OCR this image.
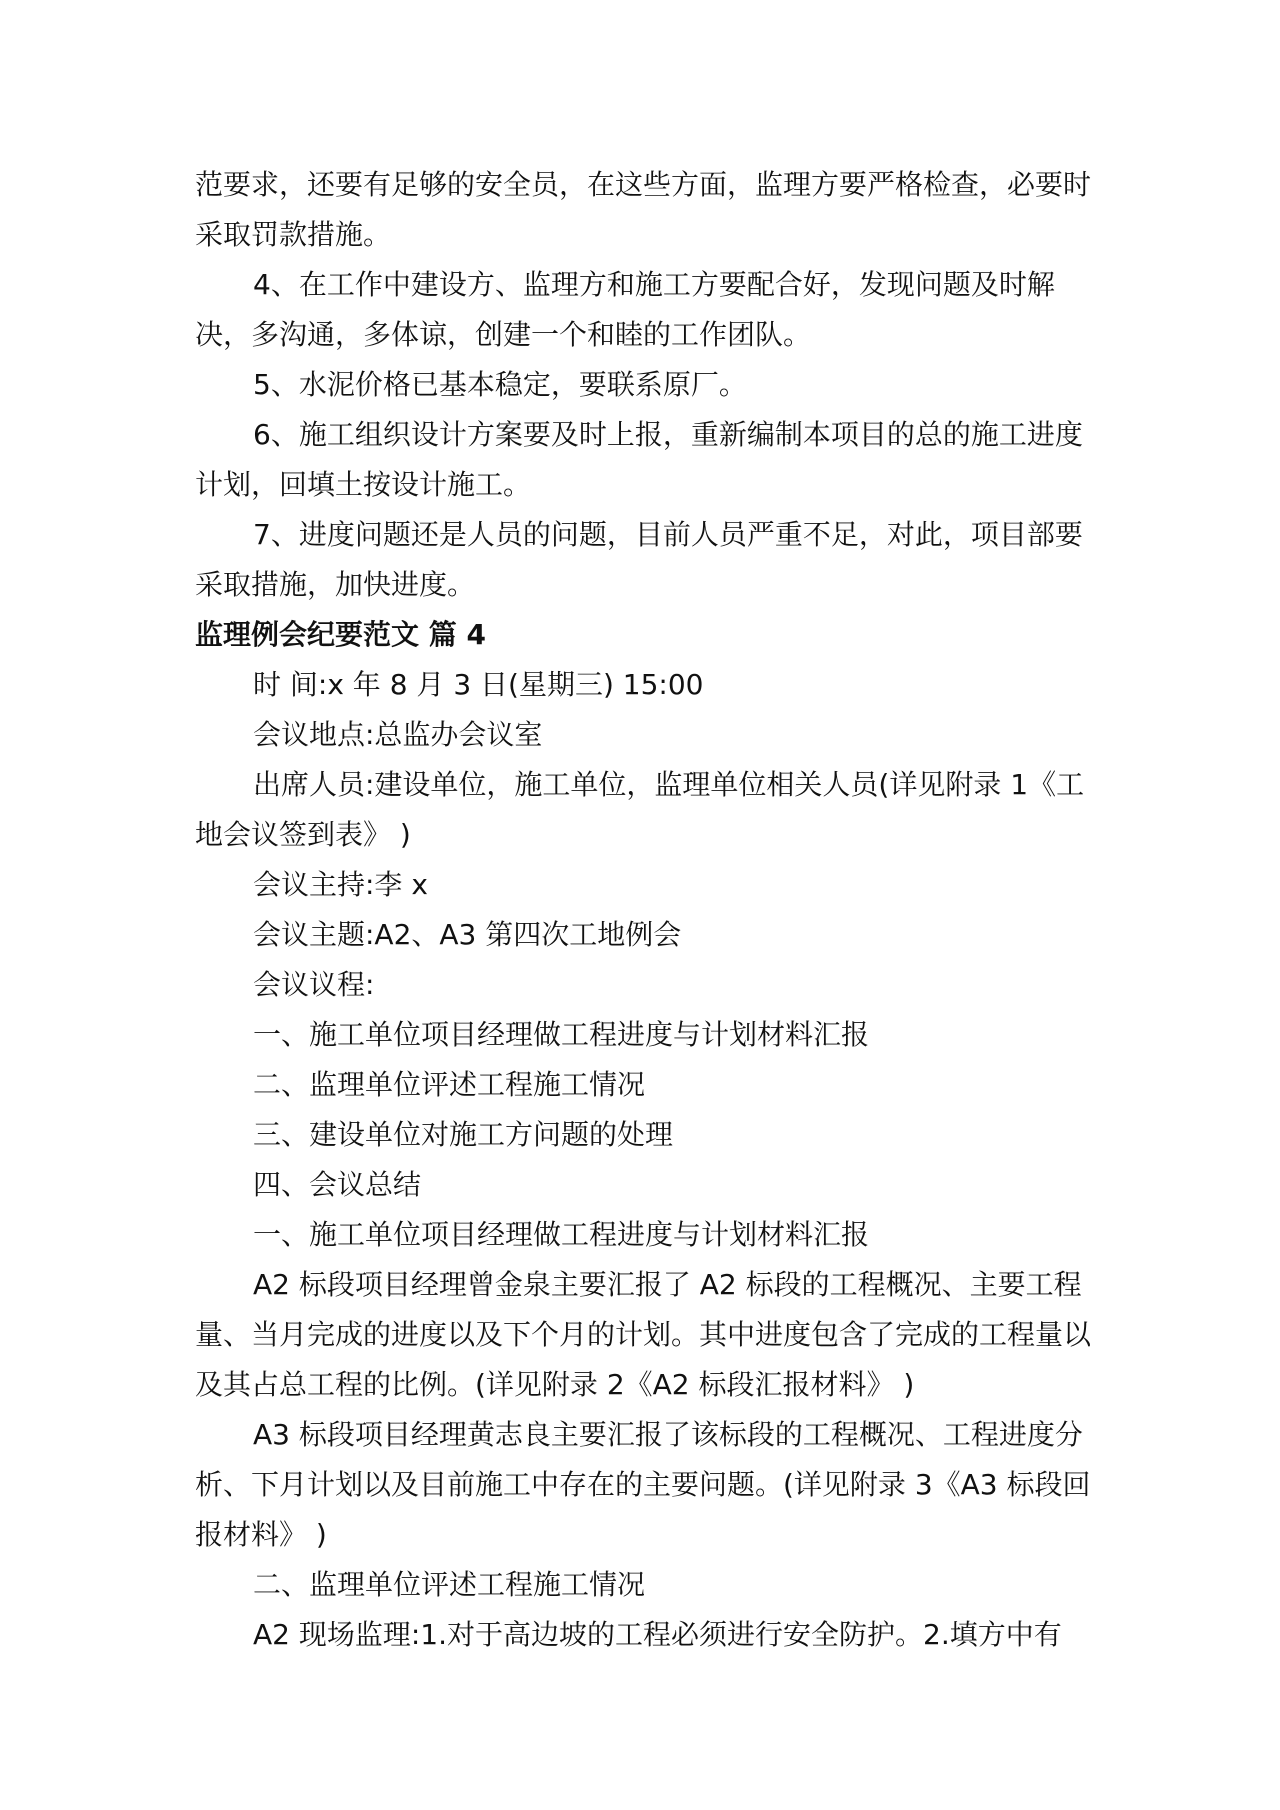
范要求，还要有足够的安全员，在这些方面，监理方要严格检查，必要时采取罚款措施。

4、在工作中建设方、监理方和施工方要配合好，发现问题及时解决，多沟通，多体谅，创建一个和睦的工作团队。

5、水泥价格已基本稳定，要联系原厂。

6、施工组织设计方案要及时上报，重新编制本项目的总的施工进度计划，回填土按设计施工。

7、进度问题还是人员的问题，目前人员严重不足，对此，项目部要采取措施，加快进度。

监理例会纪要范文 篇 4

时 间:x 年 8 月 3 日(星期三) 15:00

会议地点:总监办会议室

出席人员:建设单位，施工单位，监理单位相关人员(详见附录 1《工地会议签到表》 )

会议主持:李 x

会议主题:A2、A3 第四次工地例会

会议议程:

一、施工单位项目经理做工程进度与计划材料汇报

二、监理单位评述工程施工情况

三、建设单位对施工方问题的处理

四、会议总结

一、施工单位项目经理做工程进度与计划材料汇报

A2 标段项目经理曾金泉主要汇报了 A2 标段的工程概况、主要工程量、当月完成的进度以及下个月的计划。其中进度包含了完成的工程量以及其占总工程的比例。(详见附录 2《A2 标段汇报材料》 )

A3 标段项目经理黄志良主要汇报了该标段的工程概况、工程进度分析、下月计划以及目前施工中存在的主要问题。(详见附录 3《A3 标段回报材料》 )

二、监理单位评述工程施工情况

A2 现场监理:1.对于高边坡的工程必须进行安全防护。2.填方中有
